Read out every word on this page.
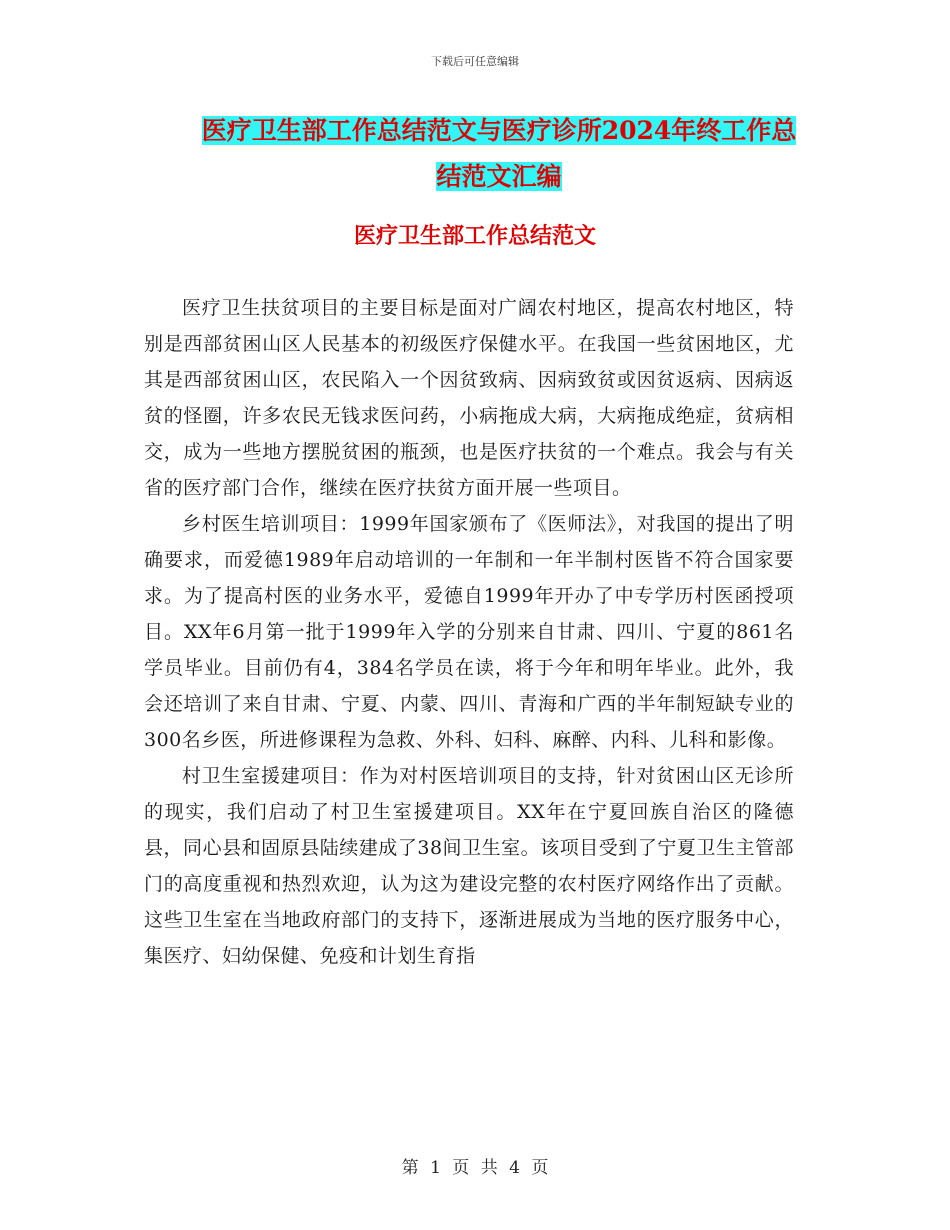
下载后可任意编辑
医疗卫生部工作总结范文与医疗诊所2024年终工作总
结范文汇编
医疗卫生部工作总结范文

医疗卫生扶贫项目的主要目标是面对广阔农村地区，提高农村地区，特别是西部贫困山区人民基本的初级医疗保健水平。在我国一些贫困地区，尤其是西部贫困山区，农民陷入一个因贫致病、因病致贫或因贫返病、因病返贫的怪圈，许多农民无钱求医问药，小病拖成大病，大病拖成绝症，贫病相交，成为一些地方摆脱贫困的瓶颈，也是医疗扶贫的一个难点。我会与有关省的医疗部门合作，继续在医疗扶贫方面开展一些项目。

乡村医生培训项目：1999年国家颁布了《医师法》，对我国的提出了明确要求，而爱德1989年启动培训的一年制和一年半制村医皆不符合国家要求。为了提高村医的业务水平，爱德自1999年开办了中专学历村医函授项目。XX年6月第一批于1999年入学的分别来自甘肃、四川、宁夏的861名学员毕业。目前仍有4，384名学员在读，将于今年和明年毕业。此外，我会还培训了来自甘肃、宁夏、内蒙、四川、青海和广西的半年制短缺专业的300名乡医，所进修课程为急救、外科、妇科、麻醉、内科、儿科和影像。

村卫生室援建项目：作为对村医培训项目的支持，针对贫困山区无诊所的现实，我们启动了村卫生室援建项目。XX年在宁夏回族自治区的隆德县，同心县和固原县陆续建成了38间卫生室。该项目受到了宁夏卫生主管部门的高度重视和热烈欢迎，认为这为建设完整的农村医疗网络作出了贡献。这些卫生室在当地政府部门的支持下，逐渐进展成为当地的医疗服务中心，集医疗、妇幼保健、免疫和计划生育指

第 1 页 共 4 页
